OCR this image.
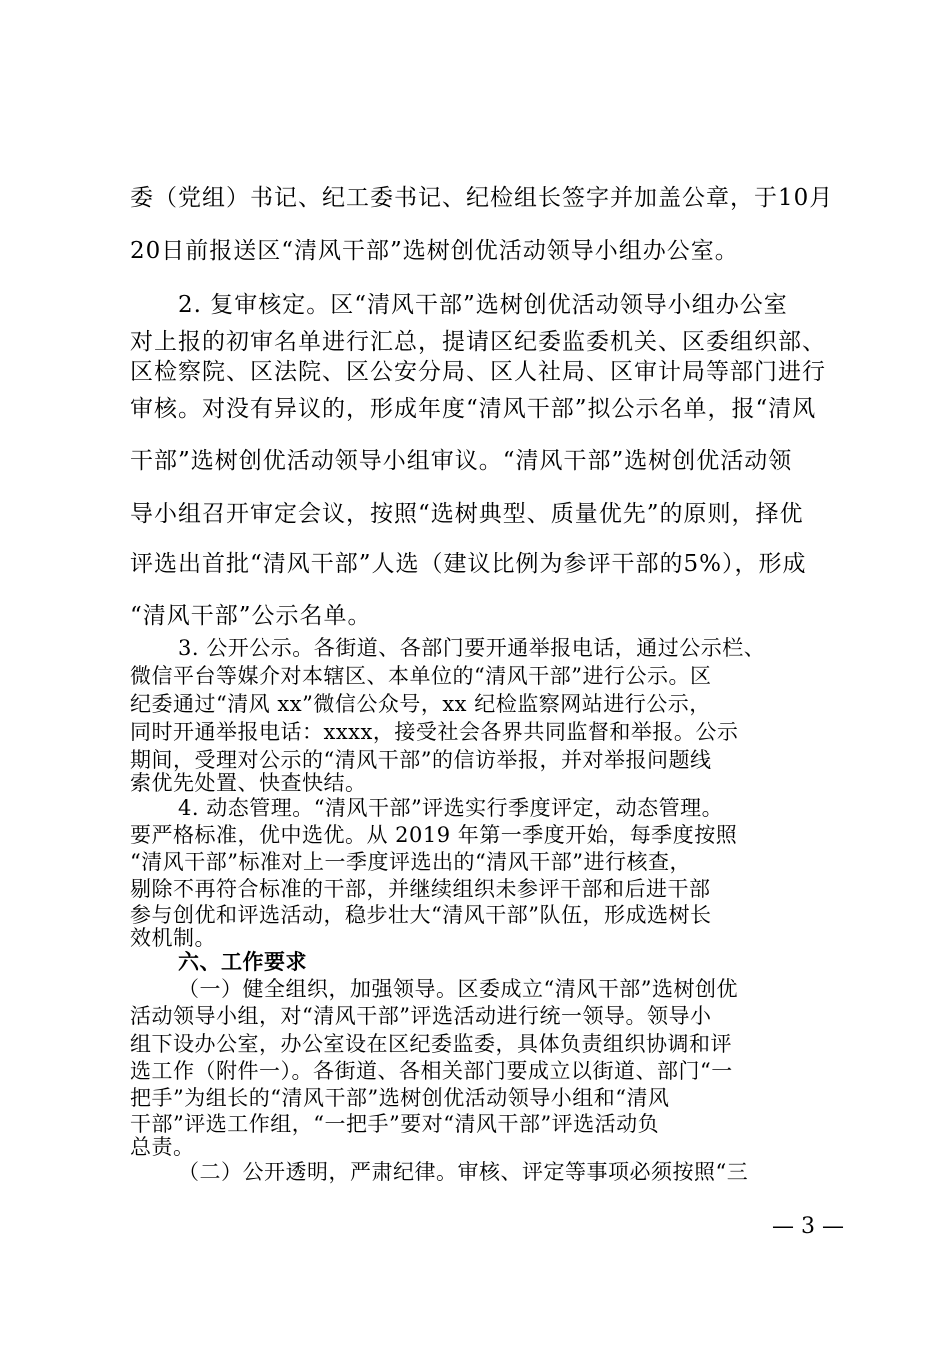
委（党组）书记、纪工委书记、纪检组长签字并加盖公章，于10月
20日前报送区“清风干部”选树创优活动领导小组办公室。
2. 复审核定。区“清风干部”选树创优活动领导小组办公室
对上报的初审名单进行汇总，提请区纪委监委机关、区委组织部、
区检察院、区法院、区公安分局、区人社局、区审计局等部门进行
审核。对没有异议的，形成年度“清风干部”拟公示名单，报“清风
干部”选树创优活动领导小组审议。“清风干部”选树创优活动领
导小组召开审定会议，按照“选树典型、质量优先”的原则，择优
评选出首批“清风干部”人选（建议比例为参评干部的5%），形成
“清风干部”公示名单。
3. 公开公示。各街道、各部门要开通举报电话，通过公示栏、
微信平台等媒介对本辖区、本单位的“清风干部”进行公示。区
纪委通过“清风 xx”微信公众号，xx 纪检监察网站进行公示，
同时开通举报电话：xxxx，接受社会各界共同监督和举报。公示
期间，受理对公示的“清风干部”的信访举报，并对举报问题线
索优先处置、快查快结。
4. 动态管理。“清风干部”评选实行季度评定，动态管理。
要严格标准，优中选优。从 2019 年第一季度开始，每季度按照
“清风干部”标准对上一季度评选出的“清风干部”进行核查，
剔除不再符合标准的干部，并继续组织未参评干部和后进干部
参与创优和评选活动，稳步壮大“清风干部”队伍，形成选树长
效机制。
六、工作要求
（一）健全组织，加强领导。区委成立“清风干部”选树创优
活动领导小组，对“清风干部”评选活动进行统一领导。领导小
组下设办公室，办公室设在区纪委监委，具体负责组织协调和评
选工作（附件一）。各街道、各相关部门要成立以街道、部门“一
把手”为组长的“清风干部”选树创优活动领导小组和“清风
干部”评选工作组，“一把手”要对“清风干部”评选活动负
总责。
（二）公开透明，严肃纪律。审核、评定等事项必须按照“三
— 3 —
